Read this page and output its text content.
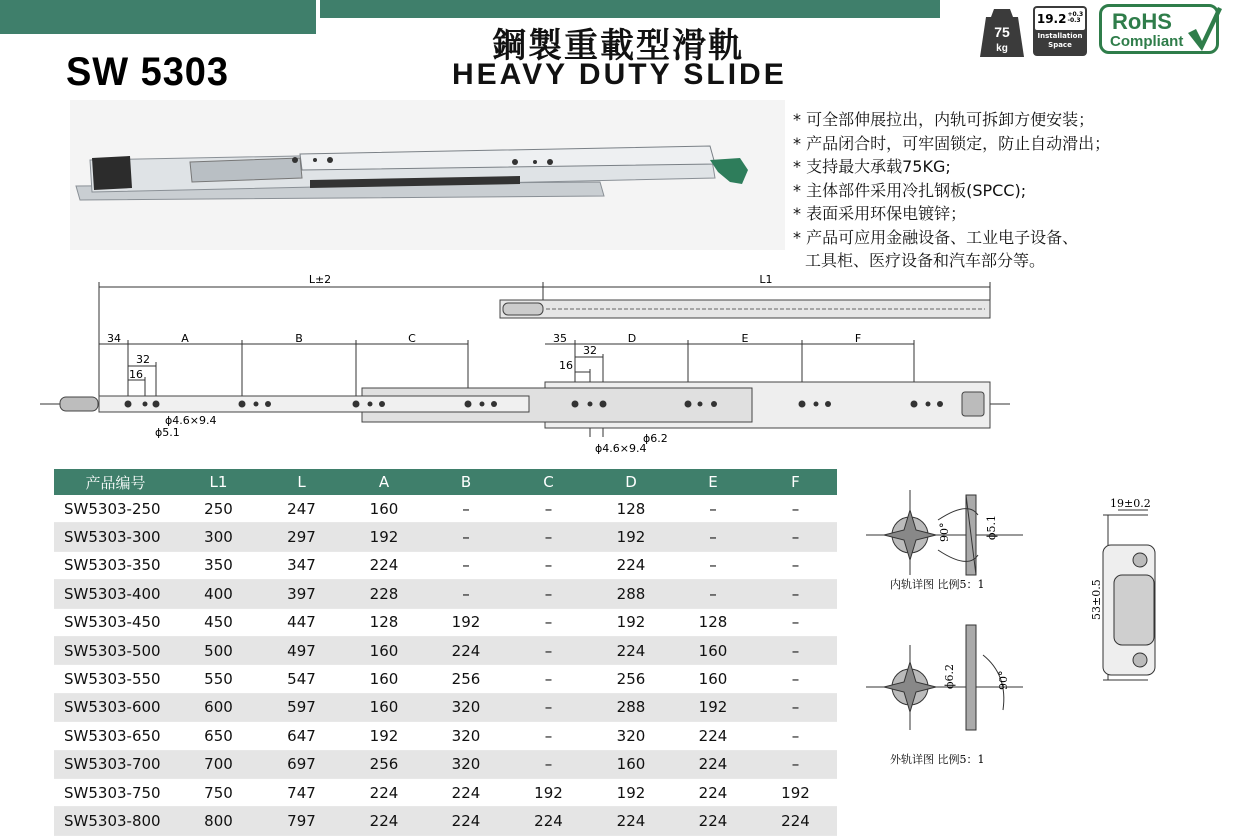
SW 5303
鋼製重載型滑軌
HEAVY DUTY SLIDE
75
kg
19.2+0.3
-0.3
Installation
Space
RoHS
Compliant
* 可全部伸展拉出，内轨可拆卸方便安装；
* 产品闭合时，可牢固锁定，防止自动滑出；
* 支持最大承载75KG;
* 主体部件采用冷扎钢板(SPCC);
* 表面采用环保电镀锌；
* 产品可应用金融设备、工业电子设备、
工具柜、医疗设备和汽车部分等。
L±2	L1
34	A	B	C
32
16
ϕ4.6×9.4
ϕ5.1
35	D	E	F
32
16
ϕ6.2
ϕ4.6×9.4
产品编号	L1	L	A	B	C	D	E	F
SW5303-250	250	247	160	–	–	128	–	–
SW5303-300	300	297	192	–	–	192	–	–
SW5303-350	350	347	224	–	–	224	–	–
SW5303-400	400	397	228	–	–	288	–	–
SW5303-450	450	447	128	192	–	192	128	–
SW5303-500	500	497	160	224	–	224	160	–
SW5303-550	550	547	160	256	–	256	160	–
SW5303-600	600	597	160	320	–	288	192	–
SW5303-650	650	647	192	320	–	320	224	–
SW5303-700	700	697	256	320	–	160	224	–
SW5303-750	750	747	224	224	192	192	224	192
SW5303-800	800	797	224	224	224	224	224	224
内轨详图 比例5：1
外轨详图 比例5：1
ϕ5.1
ϕ6.2
90°
90°
19±0.2
53±0.5
